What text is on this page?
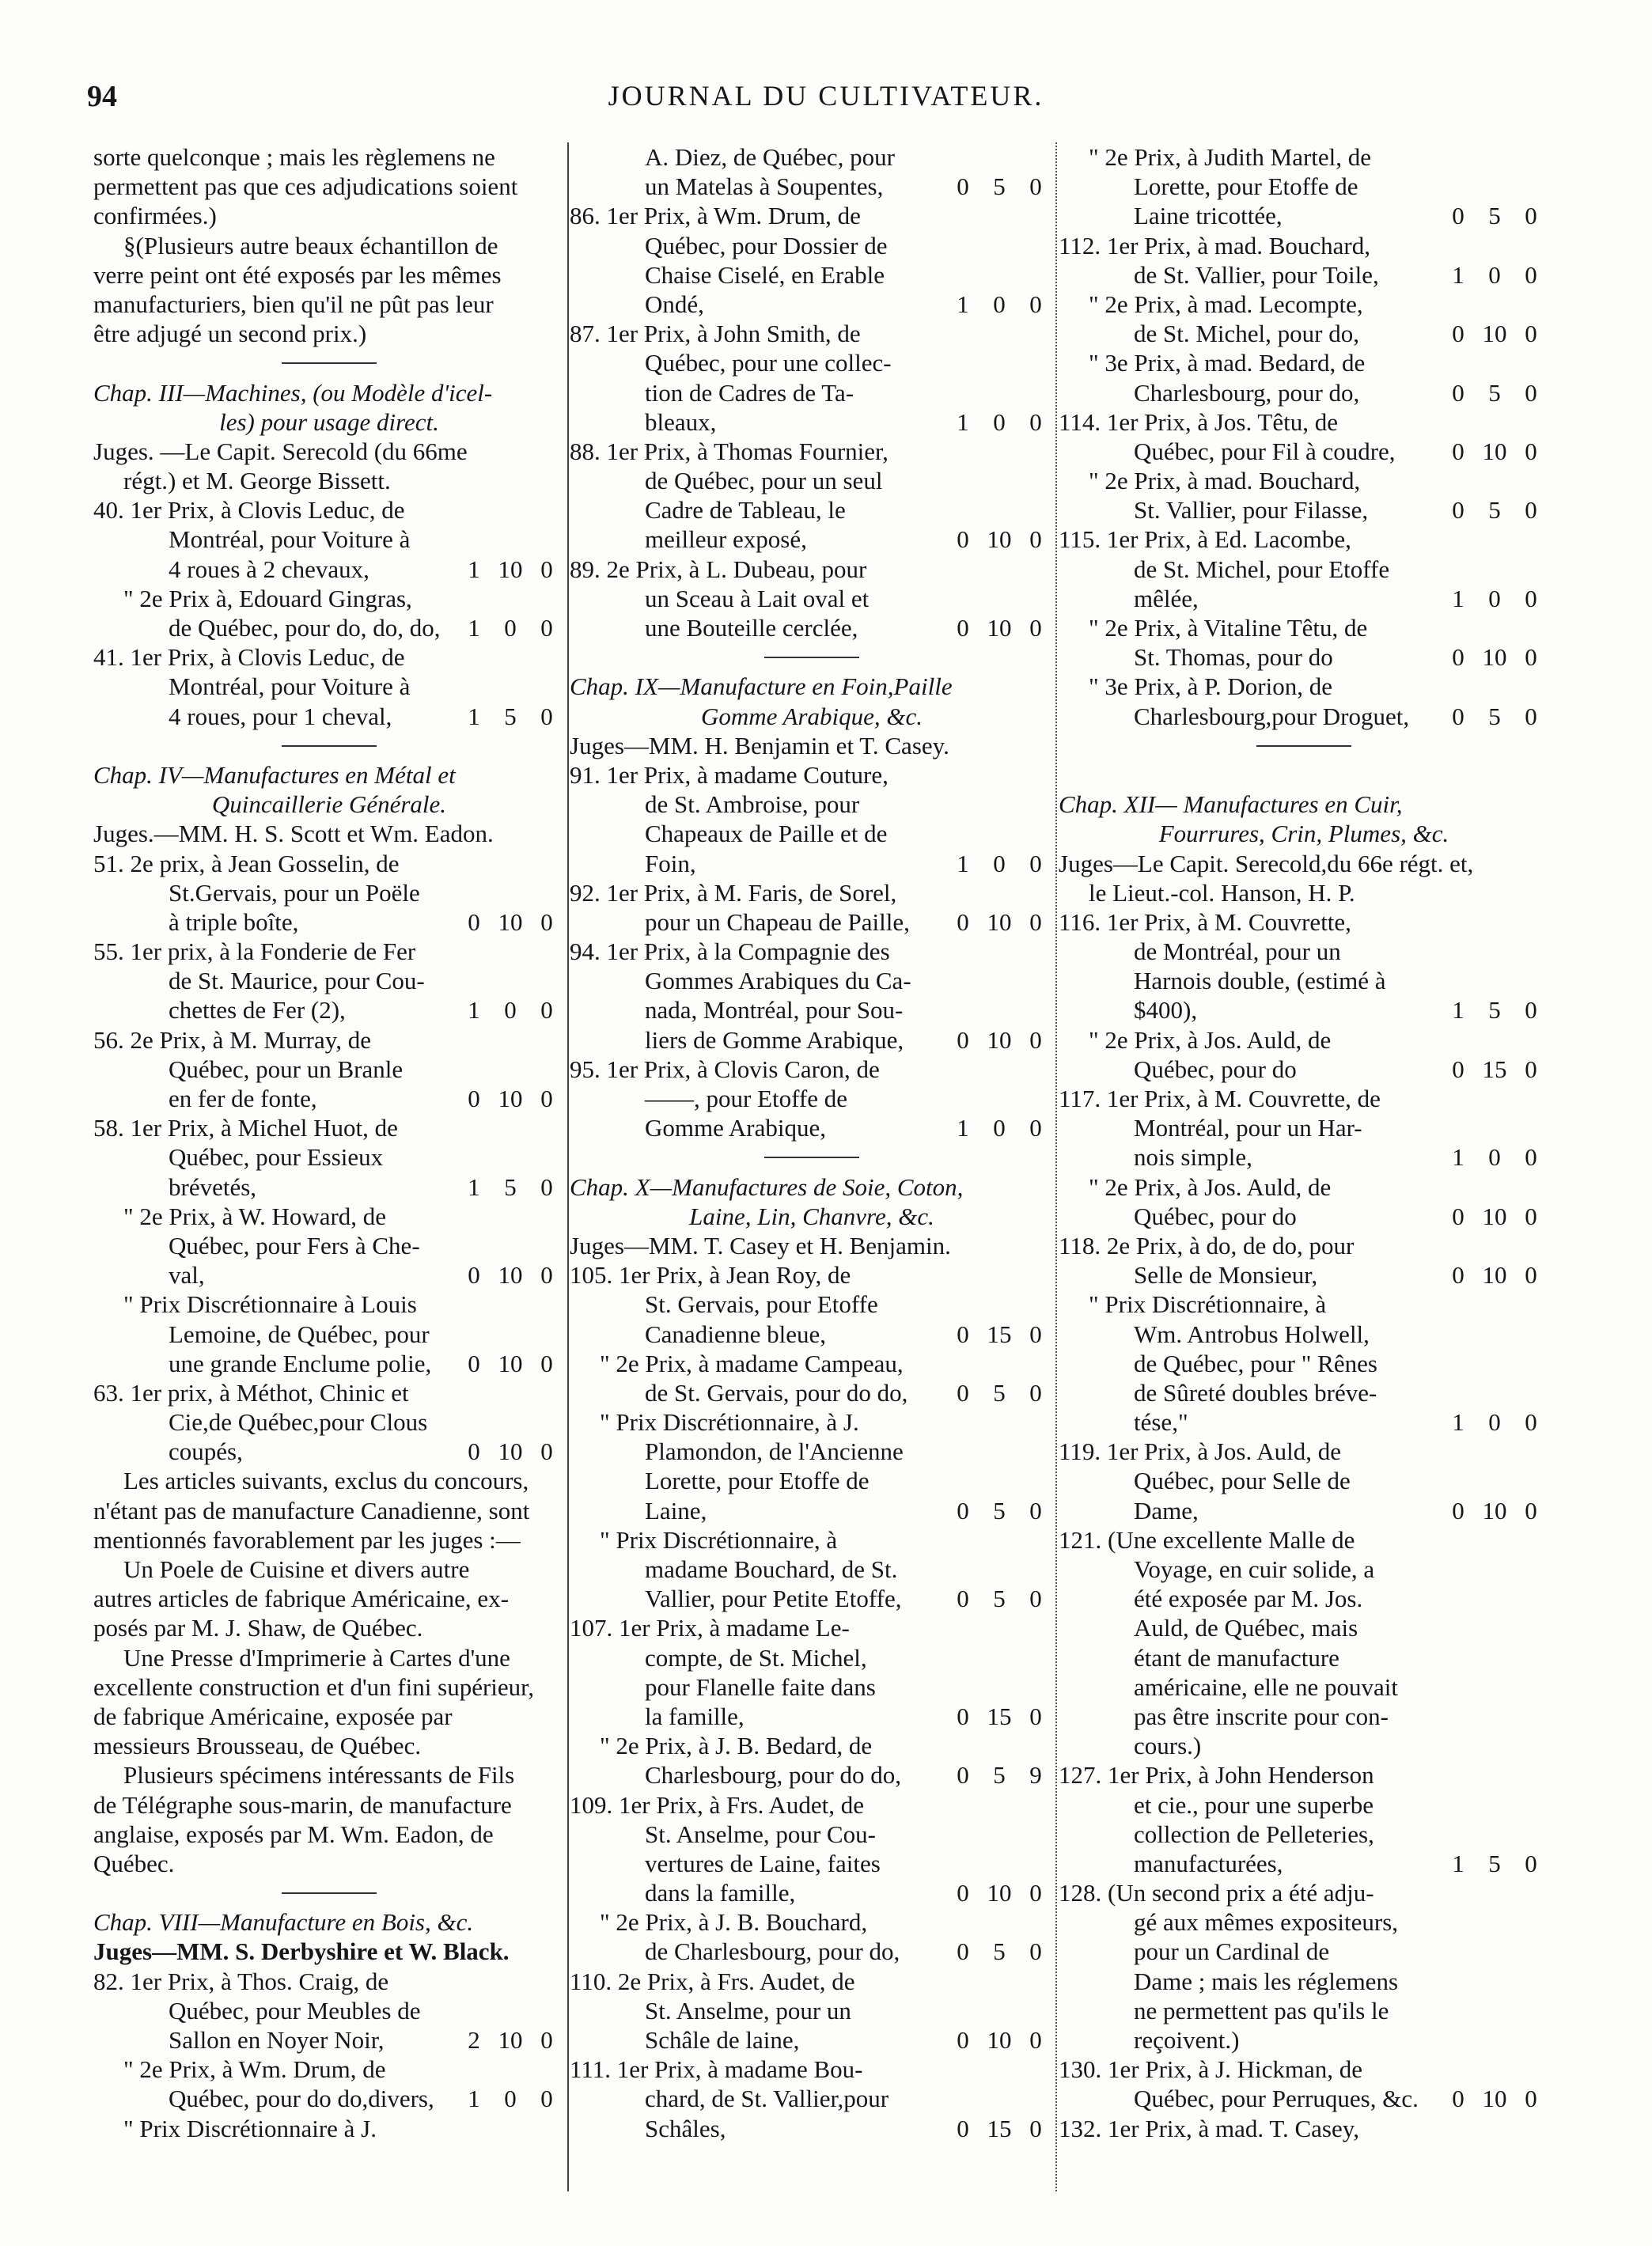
94	JOURNAL DU CULTIVATEUR.
sorte quelconque ; mais les règlemens ne
permettent pas que ces adjudications soient
confirmées.)
§(Plusieurs autre beaux échantillon de
verre peint ont été exposés par les mêmes
manufacturiers, bien qu'il ne pût pas leur
être adjugé un second prix.)
Chap. III—Machines, (ou Modèle d'icel-
les) pour usage direct.
Juges. —Le Capit. Serecold (du 66me
régt.) et M. George Bissett.
40. 1er Prix, à Clovis Leduc, de
Montréal, pour Voiture à
4 roues à 2 chevaux,	1 10 0
" 2e Prix à, Edouard Gingras,
de Québec, pour do, do, do, 1 0 0
41. 1er Prix, à Clovis Leduc, de
Montréal, pour Voiture à
4 roues, pour 1 cheval,	1 5 0
Chap. IV—Manufactures en Métal et
Quincaillerie Générale.
Juges.—MM. H. S. Scott et Wm. Eadon.
51. 2e prix, à Jean Gosselin, de
St.Gervais, pour un Poële
à triple boîte,	0 10 0
55. 1er prix, à la Fonderie de Fer
de St. Maurice, pour Cou-
chettes de Fer (2),	1 0 0
56. 2e Prix, à M. Murray, de
Québec, pour un Branle
en fer de fonte,	0 10 0
58. 1er Prix, à Michel Huot, de
Québec, pour Essieux
brévetés,	1 5 0
" 2e Prix, à W. Howard, de
Québec, pour Fers à Che-
val,	0 10 0
" Prix Discrétionnaire à Louis
Lemoine, de Québec, pour
une grande Enclume polie, 0 10 0
63. 1er prix, à Méthot, Chinic et
Cie,de Québec,pour Clous
coupés,	0 10 0
Les articles suivants, exclus du concours,
n'étant pas de manufacture Canadienne, sont
mentionnés favorablement par les juges :—
Un Poele de Cuisine et divers autre
autres articles de fabrique Américaine, ex-
posés par M. J. Shaw, de Québec.
Une Presse d'Imprimerie à Cartes d'une
excellente construction et d'un fini supérieur,
de fabrique Américaine, exposée par
messieurs Brousseau, de Québec.
Plusieurs spécimens intéressants de Fils
de Télégraphe sous-marin, de manufacture
anglaise, exposés par M. Wm. Eadon, de
Québec.
Chap. VIII—Manufacture en Bois, &c.
Juges—MM. S. Derbyshire et W. Black.
82. 1er Prix, à Thos. Craig, de
Québec, pour Meubles de
Sallon en Noyer Noir,	2 10 0
" 2e Prix, à Wm. Drum, de
Québec, pour do do,divers, 1 0 0
" Prix Discrétionnaire à J.
A. Diez, de Québec, pour
un Matelas à Soupentes,	0 5 0
86. 1er Prix, à Wm. Drum, de
Québec, pour Dossier de
Chaise Ciselé, en Erable
Ondé,	1 0 0
87. 1er Prix, à John Smith, de
Québec, pour une collec-
tion de Cadres de Ta-
bleaux,	1 0 0
88. 1er Prix, à Thomas Fournier,
de Québec, pour un seul
Cadre de Tableau, le
meilleur exposé,	0 10 0
89. 2e Prix, à L. Dubeau, pour
un Sceau à Lait oval et
une Bouteille cerclée,	0 10 0
Chap. IX—Manufacture en Foin,Paille
Gomme Arabique, &c.
Juges—MM. H. Benjamin et T. Casey.
91. 1er Prix, à madame Couture,
de St. Ambroise, pour
Chapeaux de Paille et de
Foin,	1 0 0
92. 1er Prix, à M. Faris, de Sorel,
pour un Chapeau de Paille, 0 10 0
94. 1er Prix, à la Compagnie des
Gommes Arabiques du Ca-
nada, Montréal, pour Sou-
liers de Gomme Arabique, 0 10 0
95. 1er Prix, à Clovis Caron, de
——, pour Etoffe de
Gomme Arabique,	1 0 0
Chap. X—Manufactures de Soie, Coton,
Laine, Lin, Chanvre, &c.
Juges—MM. T. Casey et H. Benjamin.
105. 1er Prix, à Jean Roy, de
St. Gervais, pour Etoffe
Canadienne bleue,	0 15 0
" 2e Prix, à madame Campeau,
de St. Gervais, pour do do, 0 5 0
" Prix Discrétionnaire, à J.
Plamondon, de l'Ancienne
Lorette, pour Etoffe de
Laine,	0 5 0
" Prix Discrétionnaire, à
madame Bouchard, de St.
Vallier, pour Petite Etoffe, 0 5 0
107. 1er Prix, à madame Le-
compte, de St. Michel,
pour Flanelle faite dans
la famille,	0 15 0
" 2e Prix, à J. B. Bedard, de
Charlesbourg, pour do do, 0 5 9
109. 1er Prix, à Frs. Audet, de
St. Anselme, pour Cou-
vertures de Laine, faites
dans la famille,	0 10 0
" 2e Prix, à J. B. Bouchard,
de Charlesbourg, pour do, 0 5 0
110. 2e Prix, à Frs. Audet, de
St. Anselme, pour un
Schâle de laine,	0 10 0
111. 1er Prix, à madame Bou-
chard, de St. Vallier,pour
Schâles,	0 15 0
" 2e Prix, à Judith Martel, de
Lorette, pour Etoffe de
Laine tricottée,	0 5 0
112. 1er Prix, à mad. Bouchard,
de St. Vallier, pour Toile,	1 0 0
" 2e Prix, à mad. Lecompte,
de St. Michel, pour do,	0 10 0
" 3e Prix, à mad. Bedard, de
Charlesbourg, pour do,	0 5 0
114. 1er Prix, à Jos. Têtu, de
Québec, pour Fil à coudre, 0 10 0
" 2e Prix, à mad. Bouchard,
St. Vallier, pour Filasse,	0 5 0
115. 1er Prix, à Ed. Lacombe,
de St. Michel, pour Etoffe
mêlée,	1 0 0
" 2e Prix, à Vitaline Têtu, de
St. Thomas, pour do	0 10 0
" 3e Prix, à P. Dorion, de
Charlesbourg,pour Droguet, 0 5 0
Chap. XII— Manufactures en Cuir,
Fourrures, Crin, Plumes, &c.
Juges—Le Capit. Serecold,du 66e régt. et,
le Lieut.-col. Hanson, H. P.
116. 1er Prix, à M. Couvrette,
de Montréal, pour un
Harnois double, (estimé à
$400),	1 5 0
" 2e Prix, à Jos. Auld, de
Québec, pour do	0 15 0
117. 1er Prix, à M. Couvrette, de
Montréal, pour un Har-
nois simple,	1 0 0
" 2e Prix, à Jos. Auld, de
Québec, pour do	0 10 0
118. 2e Prix, à do, de do, pour
Selle de Monsieur,	0 10 0
" Prix Discrétionnaire, à
Wm. Antrobus Holwell,
de Québec, pour " Rênes
de Sûreté doubles bréve-
tése,"	1 0 0
119. 1er Prix, à Jos. Auld, de
Québec, pour Selle de
Dame,	0 10 0
121. (Une excellente Malle de
Voyage, en cuir solide, a
été exposée par M. Jos.
Auld, de Québec, mais
étant de manufacture
américaine, elle ne pouvait
pas être inscrite pour con-
cours.)
127. 1er Prix, à John Henderson
et cie., pour une superbe
collection de Pelleteries,
manufacturées,	1 5 0
128. (Un second prix a été adju-
gé aux mêmes expositeurs,
pour un Cardinal de
Dame ; mais les réglemens
ne permettent pas qu'ils le
reçoivent.)
130. 1er Prix, à J. Hickman, de
Québec, pour Perruques, &c. 0 10 0
132. 1er Prix, à mad. T. Casey,
